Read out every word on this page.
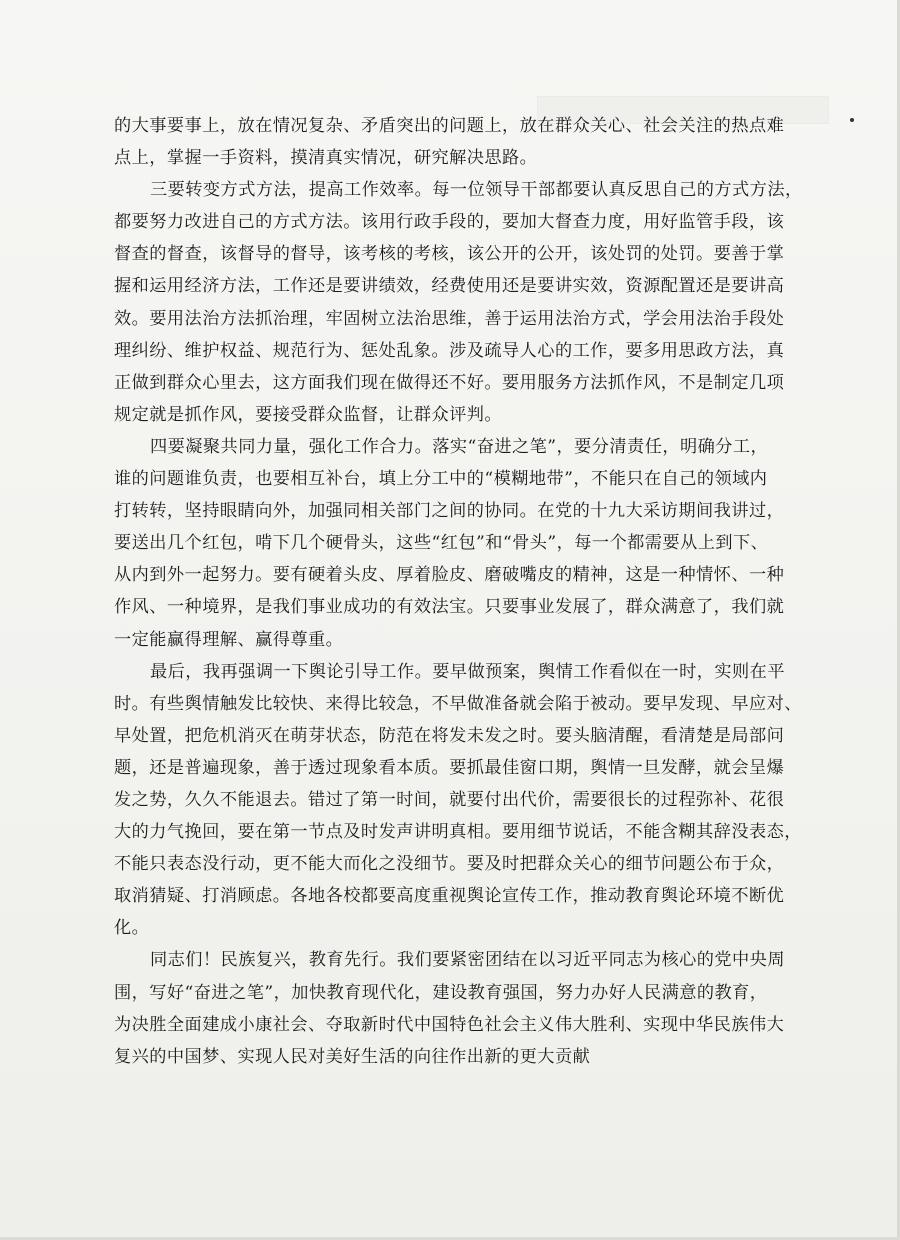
的大事要事上，放在情况复杂、矛盾突出的问题上，放在群众关心、社会关注的热点难
点上，掌握一手资料，摸清真实情况，研究解决思路。

三要转变方式方法，提高工作效率。每一位领导干部都要认真反思自己的方式方法，
都要努力改进自己的方式方法。该用行政手段的，要加大督查力度，用好监管手段，该
督查的督查，该督导的督导，该考核的考核，该公开的公开，该处罚的处罚。要善于掌
握和运用经济方法，工作还是要讲绩效，经费使用还是要讲实效，资源配置还是要讲高
效。要用法治方法抓治理，牢固树立法治思维，善于运用法治方式，学会用法治手段处
理纠纷、维护权益、规范行为、惩处乱象。涉及疏导人心的工作，要多用思政方法，真
正做到群众心里去，这方面我们现在做得还不好。要用服务方法抓作风，不是制定几项
规定就是抓作风，要接受群众监督，让群众评判。

四要凝聚共同力量，强化工作合力。落实“奋进之笔”，要分清责任，明确分工，
谁的问题谁负责，也要相互补台，填上分工中的“模糊地带”，不能只在自己的领域内
打转转，坚持眼睛向外，加强同相关部门之间的协同。在党的十九大采访期间我讲过，
要送出几个红包，啃下几个硬骨头，这些“红包”和“骨头”，每一个都需要从上到下、
从内到外一起努力。要有硬着头皮、厚着脸皮、磨破嘴皮的精神，这是一种情怀、一种
作风、一种境界，是我们事业成功的有效法宝。只要事业发展了，群众满意了，我们就
一定能赢得理解、赢得尊重。

最后，我再强调一下舆论引导工作。要早做预案，舆情工作看似在一时，实则在平
时。有些舆情触发比较快、来得比较急，不早做准备就会陷于被动。要早发现、早应对、
早处置，把危机消灭在萌芽状态，防范在将发未发之时。要头脑清醒，看清楚是局部问
题，还是普遍现象，善于透过现象看本质。要抓最佳窗口期，舆情一旦发酵，就会呈爆
发之势，久久不能退去。错过了第一时间，就要付出代价，需要很长的过程弥补、花很
大的力气挽回，要在第一节点及时发声讲明真相。要用细节说话，不能含糊其辞没表态，
不能只表态没行动，更不能大而化之没细节。要及时把群众关心的细节问题公布于众，
取消猜疑、打消顾虑。各地各校都要高度重视舆论宣传工作，推动教育舆论环境不断优
化。

同志们！民族复兴，教育先行。我们要紧密团结在以习近平同志为核心的党中央周
围，写好“奋进之笔”，加快教育现代化，建设教育强国，努力办好人民满意的教育，
为决胜全面建成小康社会、夺取新时代中国特色社会主义伟大胜利、实现中华民族伟大
复兴的中国梦、实现人民对美好生活的向往作出新的更大贡献
